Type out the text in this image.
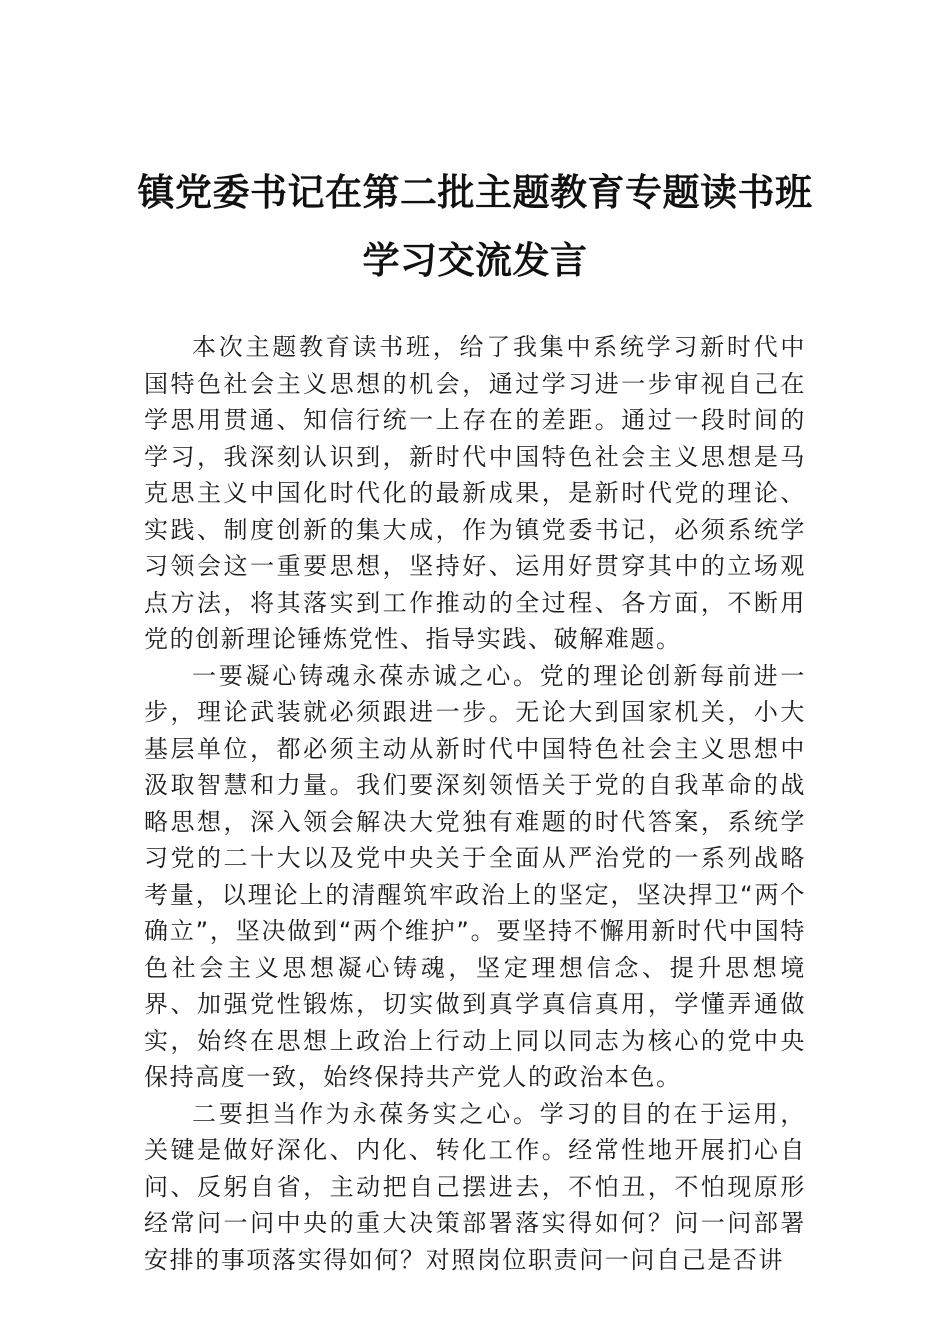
镇党委书记在第二批主题教育专题读书班
学习交流发言

本次主题教育读书班，给了我集中系统学习新时代中国特色社会主义思想的机会，通过学习进一步审视自己在学思用贯通、知信行统一上存在的差距。通过一段时间的学习，我深刻认识到，新时代中国特色社会主义思想是马克思主义中国化时代化的最新成果，是新时代党的理论、实践、制度创新的集大成，作为镇党委书记，必须系统学习领会这一重要思想，坚持好、运用好贯穿其中的立场观点方法，将其落实到工作推动的全过程、各方面，不断用党的创新理论锤炼党性、指导实践、破解难题。

一要凝心铸魂永葆赤诚之心。党的理论创新每前进一步，理论武装就必须跟进一步。无论大到国家机关，小大基层单位，都必须主动从新时代中国特色社会主义思想中汲取智慧和力量。我们要深刻领悟关于党的自我革命的战略思想，深入领会解决大党独有难题的时代答案，系统学习党的二十大以及党中央关于全面从严治党的一系列战略考量，以理论上的清醒筑牢政治上的坚定，坚决捍卫“两个确立”，坚决做到“两个维护”。要坚持不懈用新时代中国特色社会主义思想凝心铸魂，坚定理想信念、提升思想境界、加强党性锻炼，切实做到真学真信真用，学懂弄通做实，始终在思想上政治上行动上同以同志为核心的党中央保持高度一致，始终保持共产党人的政治本色。

二要担当作为永葆务实之心。学习的目的在于运用，关键是做好深化、内化、转化工作。经常性地开展扪心自问、反躬自省，主动把自己摆进去，不怕丑，不怕现原形经常问一问中央的重大决策部署落实得如何？问一问部署安排的事项落实得如何？对照岗位职责问一问自己是否讲
